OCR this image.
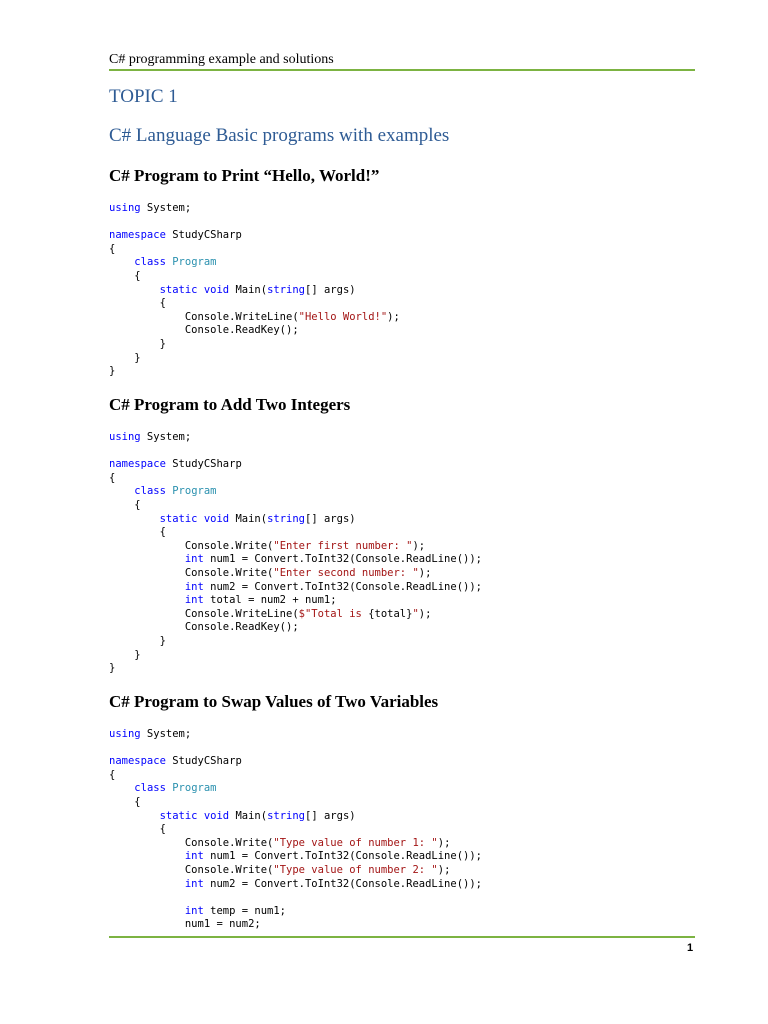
C# programming example and solutions
TOPIC 1
C# Language Basic programs with examples
C# Program to Print “Hello, World!”
using System;

namespace StudyCSharp
{
class Program
{
static void Main(string[] args)
{
Console.WriteLine("Hello World!");
Console.ReadKey();
}
}
}
C# Program to Add Two Integers
using System;

namespace StudyCSharp
{
class Program
{
static void Main(string[] args)
{
Console.Write("Enter first number: ");
int num1 = Convert.ToInt32(Console.ReadLine());
Console.Write("Enter second number: ");
int num2 = Convert.ToInt32(Console.ReadLine());
int total = num2 + num1;
Console.WriteLine($"Total is {total}");
Console.ReadKey();
}
}
}
C# Program to Swap Values of Two Variables
using System;

namespace StudyCSharp
{
class Program
{
static void Main(string[] args)
{
Console.Write("Type value of number 1: ");
int num1 = Convert.ToInt32(Console.ReadLine());
Console.Write("Type value of number 2: ");
int num2 = Convert.ToInt32(Console.ReadLine());

int temp = num1;
num1 = num2;
1
